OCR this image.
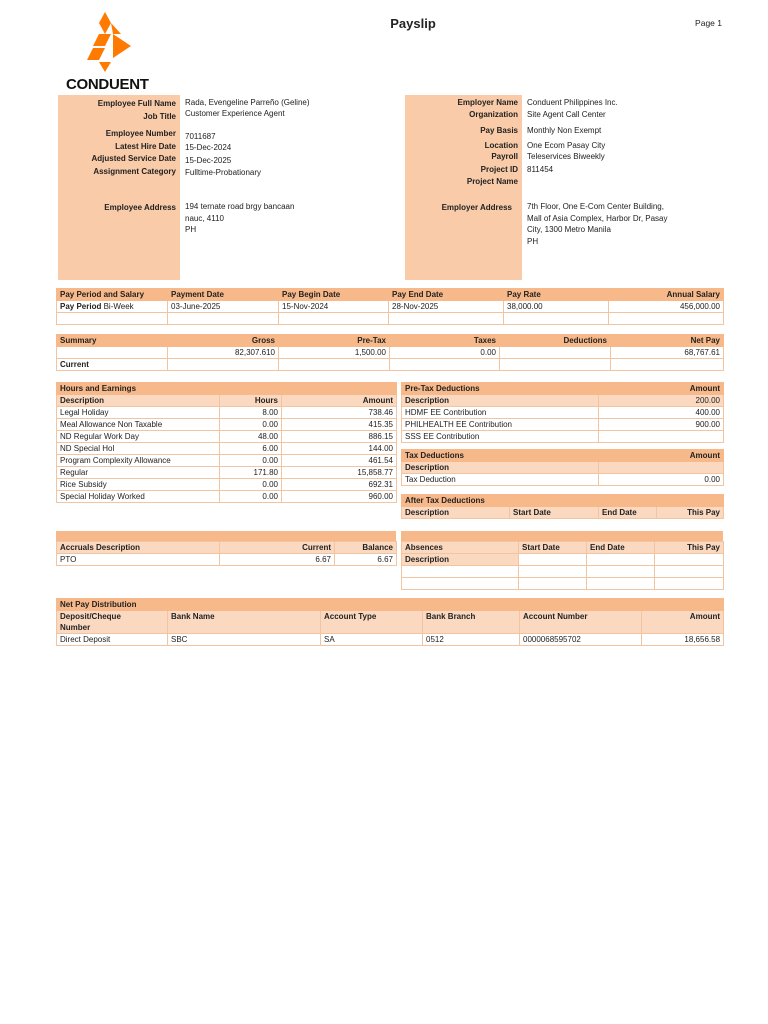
CONDUENT
Payslip	Page 1
Employee Full Name Rada, Evengeline Parreño (Geline)
Job Title Customer Experience Agent
Employee Number 7011687
Latest Hire Date 15-Dec-2024
Adjusted Service Date 15-Dec-2025
Assignment Category Fulltime-Probationary
Employee Address 194 ternate road brgy bancaan
nauc, 4110
PH
Employer Name Conduent Philippines Inc.
Organization Site Agent Call Center
Pay Basis Monthly Non Exempt
Location One Ecom Pasay City
Payroll Teleservices Biweekly
Project ID 811454
Project Name
Employer Address 7th Floor, One E-Com Center Building,
Mall of Asia Complex, Harbor Dr, Pasay
City, 1300 Metro Manila
PH
Pay Period and Salary	Payment Date	Pay Begin Date	Pay End Date	Pay Rate	Annual Salary
Pay Period Bi-Week	03-June-2025	15-Nov-2024	28-Nov-2025	38,000.00	456,000.00

Summary	Gross	Pre-Tax	Taxes	Deductions	Net Pay
	82,307.610	1,500.00	0.00		68,767.61
Current					
Hours and Earnings		
Description	Hours	Amount
Legal Holiday	8.00	738.46
Meal Allowance Non Taxable	0.00	415.35
ND Regular Work Day	48.00	886.15
ND Special Hol	6.00	144.00
Program Complexity Allowance	0.00	461.54
Regular	171.80	15,858.77
Rice Subsidy	0.00	692.31
Special Holiday Worked	0.00	960.00
Pre-Tax Deductions	Amount
Description	200.00
HDMF EE Contribution	400.00
PHILHEALTH EE Contribution	900.00
SSS EE Contribution	
Tax Deductions	Amount
Description	
Tax Deduction	0.00
After Tax Deductions
Description	Start Date	End Date	This Pay
Accruals Description	Current	Balance
PTO	6.67	6.67
Absences	Start Date	End Date	This Pay
Description			

Net Pay Distribution					
Deposit/Cheque
Number	Bank Name	Account Type	Bank Branch	Account Number	Amount
Direct Deposit	SBC	SA	0512	0000068595702	18,656.58
